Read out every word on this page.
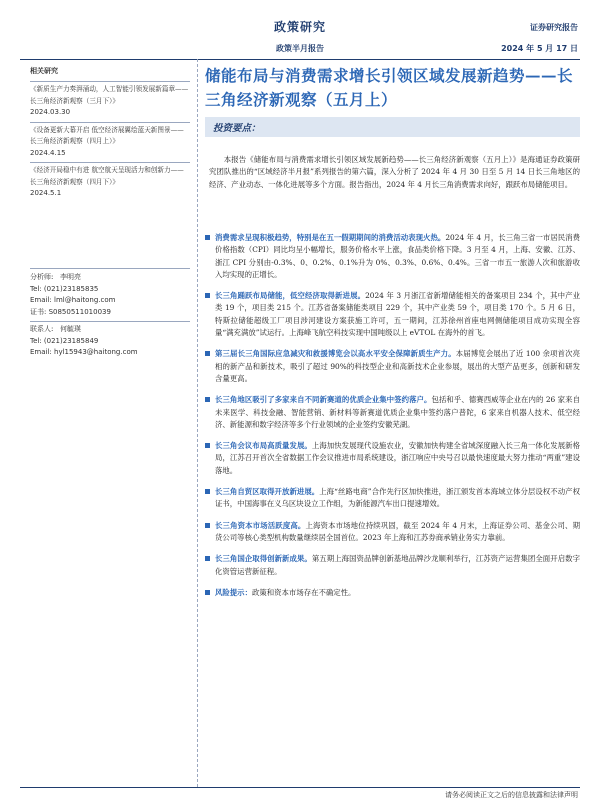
政策研究
政策半月报告
证券研究报告
2024 年 5 月 17 日
相关研究
《新质生产力奏湃涌动，人工智能引领发展新篇章——长三角经济新观察（三月下）》
2024.03.30
《设备更新大幕开启 低空经济展翼绘蓝天新图景——长三角经济新观察（四月上）》
2024.4.15
《经济开局稳中有进 航空航天呈现活力和创新力——长三角经济新观察（四月下）》
2024.5.1
分析师: 李明亮
Tel: (021)23185835
Email: lml@haitong.com
证书: S0850511010039
联系人: 何毓瑛
Tel: (021)23185849
Email: hyl15943@haitong.com
储能布局与消费需求增长引领区域发展新趋势——长三角经济新观察（五月上）
投资要点：
本报告《储能布局与消费需求增长引领区域发展新趋势——长三角经济新观察（五月上）》是海通证券政策研究团队推出的“区域经济半月报”系列报告的第六篇，深入分析了 2024 年 4 月 30 日至 5 月 14 日长三角地区的经济、产业动态、一体化进展等多个方面。报告指出，2024 年 4 月长三角消费需求向好，跟跃布局储能项目。
消费需求呈现积极趋势，特别是在五一假期期间的消费活动表现火热。2024 年 4 月，长三角三省一市居民消费价格指数（CPI）同比均呈小幅增长，服务价格水平上涨，食品类价格下降。3 月至 4 月，上海、安徽、江苏、浙江 CPI 分别由-0.3%、0、0.2%、0.1%升为 0%、0.3%、0.6%、0.4%。三省一市五一旅游人次和旅游收入均实现的正增长。
长三角踊跃布局储能，低空经济取得新进展。2024 年 3 月浙江省新增储能相关的备案项目 234 个，其中产业类 19 个，项目类 215 个。江苏省备案储能类项目 229 个，其中产业类 59 个，项目类 170 个。5 月 6 日，特斯拉储能超级工厂项目涉河建设方案获施工许可，五一期间，江苏徐州首座电网侧储能项目成功实现全容量“满充满放”试运行。上海峰飞航空科技实现中国吨级以上 eVTOL 在海外的首飞。
第三届长三角国际应急减灾和救援博览会以高水平安全保障新质生产力。本届博览会展出了近 100 余项首次亮相的新产品和新技术，吸引了超过 90%的科技型企业和高新技术企业参展，展出的大型产品更多，创新和研发含量更高。
长三角地区吸引了多家来自不同新赛道的优质企业集中签约落户。包括和乎、德赛西威等企业在内的 26 家来自未来医学、科技金融、智能营销、新材料等新赛道优质企业集中签约落户普陀，6 家来自机器人技术、低空经济、新能源和数字经济等多个行业领域的企业签约安徽芜湖。
长三角会议布局高质量发展。上海加快发展现代设施农业，安徽加快构建全省域深度融入长三角一体化发展新格局，江苏召开首次全省数据工作会议推进市局系统建设，浙江响应中央号召以最快速度最大努力推动“两重”建设落地。
长三角自贸区取得开放新进展。上海“丝路电商”合作先行区加快推进，浙江颁发首本海域立体分层设权不动产权证书，中国海事在义乌区块设立工作组，为新能源汽车出口提速增效。
长三角资本市场活跃度高。上海资本市场地位持续巩固，截至 2024 年 4 月末，上海证券公司、基金公司、期货公司等核心类型机构数量继续居全国首位。2023 年上海和江苏券商承销业务实力靠前。
长三角国企取得创新新成果。第五期上海国资品牌创新基地品牌沙龙顺利举行，江苏资产运营集团全面开启数字化资管运营新征程。
风险提示：政策和资本市场存在不确定性。
请务必阅读正文之后的信息披露和法律声明
